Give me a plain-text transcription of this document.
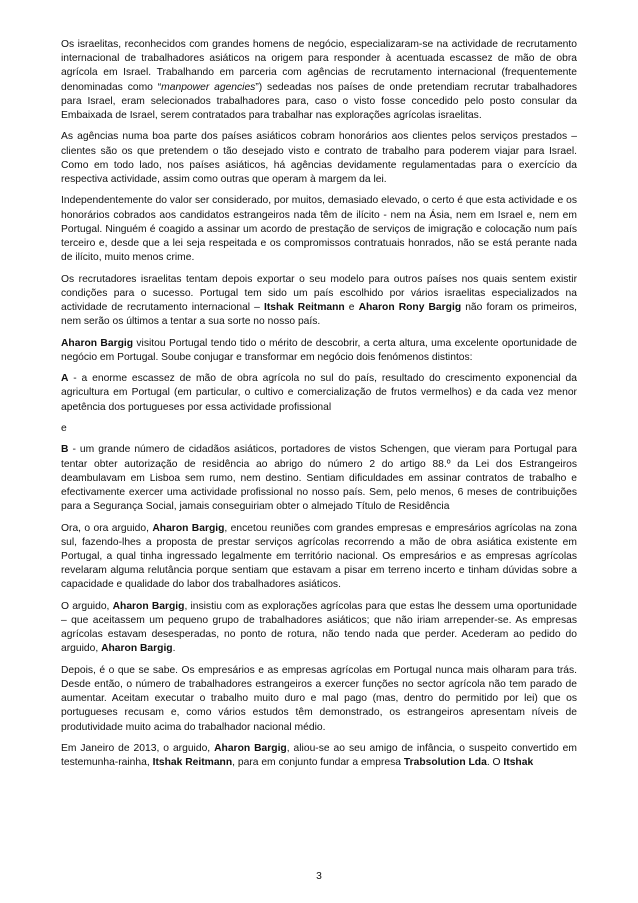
Os israelitas, reconhecidos com grandes homens de negócio, especializaram-se na actividade de recrutamento internacional de trabalhadores asiáticos na origem para responder à acentuada escassez de mão de obra agrícola em Israel. Trabalhando em parceria com agências de recrutamento internacional (frequentemente denominadas como “manpower agencies”) sedeadas nos países de onde pretendiam recrutar trabalhadores para Israel, eram selecionados trabalhadores para, caso o visto fosse concedido pelo posto consular da Embaixada de Israel, serem contratados para trabalhar nas explorações agrícolas israelitas.

As agências numa boa parte dos países asiáticos cobram honorários aos clientes pelos serviços prestados – clientes são os que pretendem o tão desejado visto e contrato de trabalho para poderem viajar para Israel. Como em todo lado, nos países asiáticos, há agências devidamente regulamentadas para o exercício da respectiva actividade, assim como outras que operam à margem da lei.

Independentemente do valor ser considerado, por muitos, demasiado elevado, o certo é que esta actividade e os honorários cobrados aos candidatos estrangeiros nada têm de ilícito - nem na Ásia, nem em Israel e, nem em Portugal. Ninguém é coagido a assinar um acordo de prestação de serviços de imigração e colocação num país terceiro e, desde que a lei seja respeitada e os compromissos contratuais honrados, não se está perante nada de ilícito, muito menos crime.

Os recrutadores israelitas tentam depois exportar o seu modelo para outros países nos quais sentem existir condições para o sucesso. Portugal tem sido um país escolhido por vários israelitas especializados na actividade de recrutamento internacional – Itshak Reitmann e Aharon Rony Bargig não foram os primeiros, nem serão os últimos a tentar a sua sorte no nosso país.

Aharon Bargig visitou Portugal tendo tido o mérito de descobrir, a certa altura, uma excelente oportunidade de negócio em Portugal. Soube conjugar e transformar em negócio dois fenómenos distintos:

A - a enorme escassez de mão de obra agrícola no sul do país, resultado do crescimento exponencial da agricultura em Portugal (em particular, o cultivo e comercialização de frutos vermelhos) e da cada vez menor apetência dos portugueses por essa actividade profissional

e

B - um grande número de cidadãos asiáticos, portadores de vistos Schengen, que vieram para Portugal para tentar obter autorização de residência ao abrigo do número 2 do artigo 88.º da Lei dos Estrangeiros deambulavam em Lisboa sem rumo, nem destino. Sentiam dificuldades em assinar contratos de trabalho e efectivamente exercer uma actividade profissional no nosso país. Sem, pelo menos, 6 meses de contribuições para a Segurança Social, jamais conseguiriam obter o almejado Título de Residência

Ora, o ora arguido, Aharon Bargig, encetou reuniões com grandes empresas e empresários agrícolas na zona sul, fazendo-lhes a proposta de prestar serviços agrícolas recorrendo a mão de obra asiática existente em Portugal, a qual tinha ingressado legalmente em território nacional. Os empresários e as empresas agrícolas revelaram alguma relutância porque sentiam que estavam a pisar em terreno incerto e tinham dúvidas sobre a capacidade e qualidade do labor dos trabalhadores asiáticos.

O arguido, Aharon Bargig, insistiu com as explorações agrícolas para que estas lhe dessem uma oportunidade – que aceitassem um pequeno grupo de trabalhadores asiáticos; que não iriam arrepender-se. As empresas agrícolas estavam desesperadas, no ponto de rotura, não tendo nada que perder. Acederam ao pedido do arguido, Aharon Bargig.

Depois, é o que se sabe. Os empresários e as empresas agrícolas em Portugal nunca mais olharam para trás. Desde então, o número de trabalhadores estrangeiros a exercer funções no sector agrícola não tem parado de aumentar. Aceitam executar o trabalho muito duro e mal pago (mas, dentro do permitido por lei) que os portugueses recusam e, como vários estudos têm demonstrado, os estrangeiros apresentam níveis de produtividade muito acima do trabalhador nacional médio.

Em Janeiro de 2013, o arguido, Aharon Bargig, aliou-se ao seu amigo de infância, o suspeito convertido em testemunha-rainha, Itshak Reitmann, para em conjunto fundar a empresa Trabsolution Lda. O Itshak

3
